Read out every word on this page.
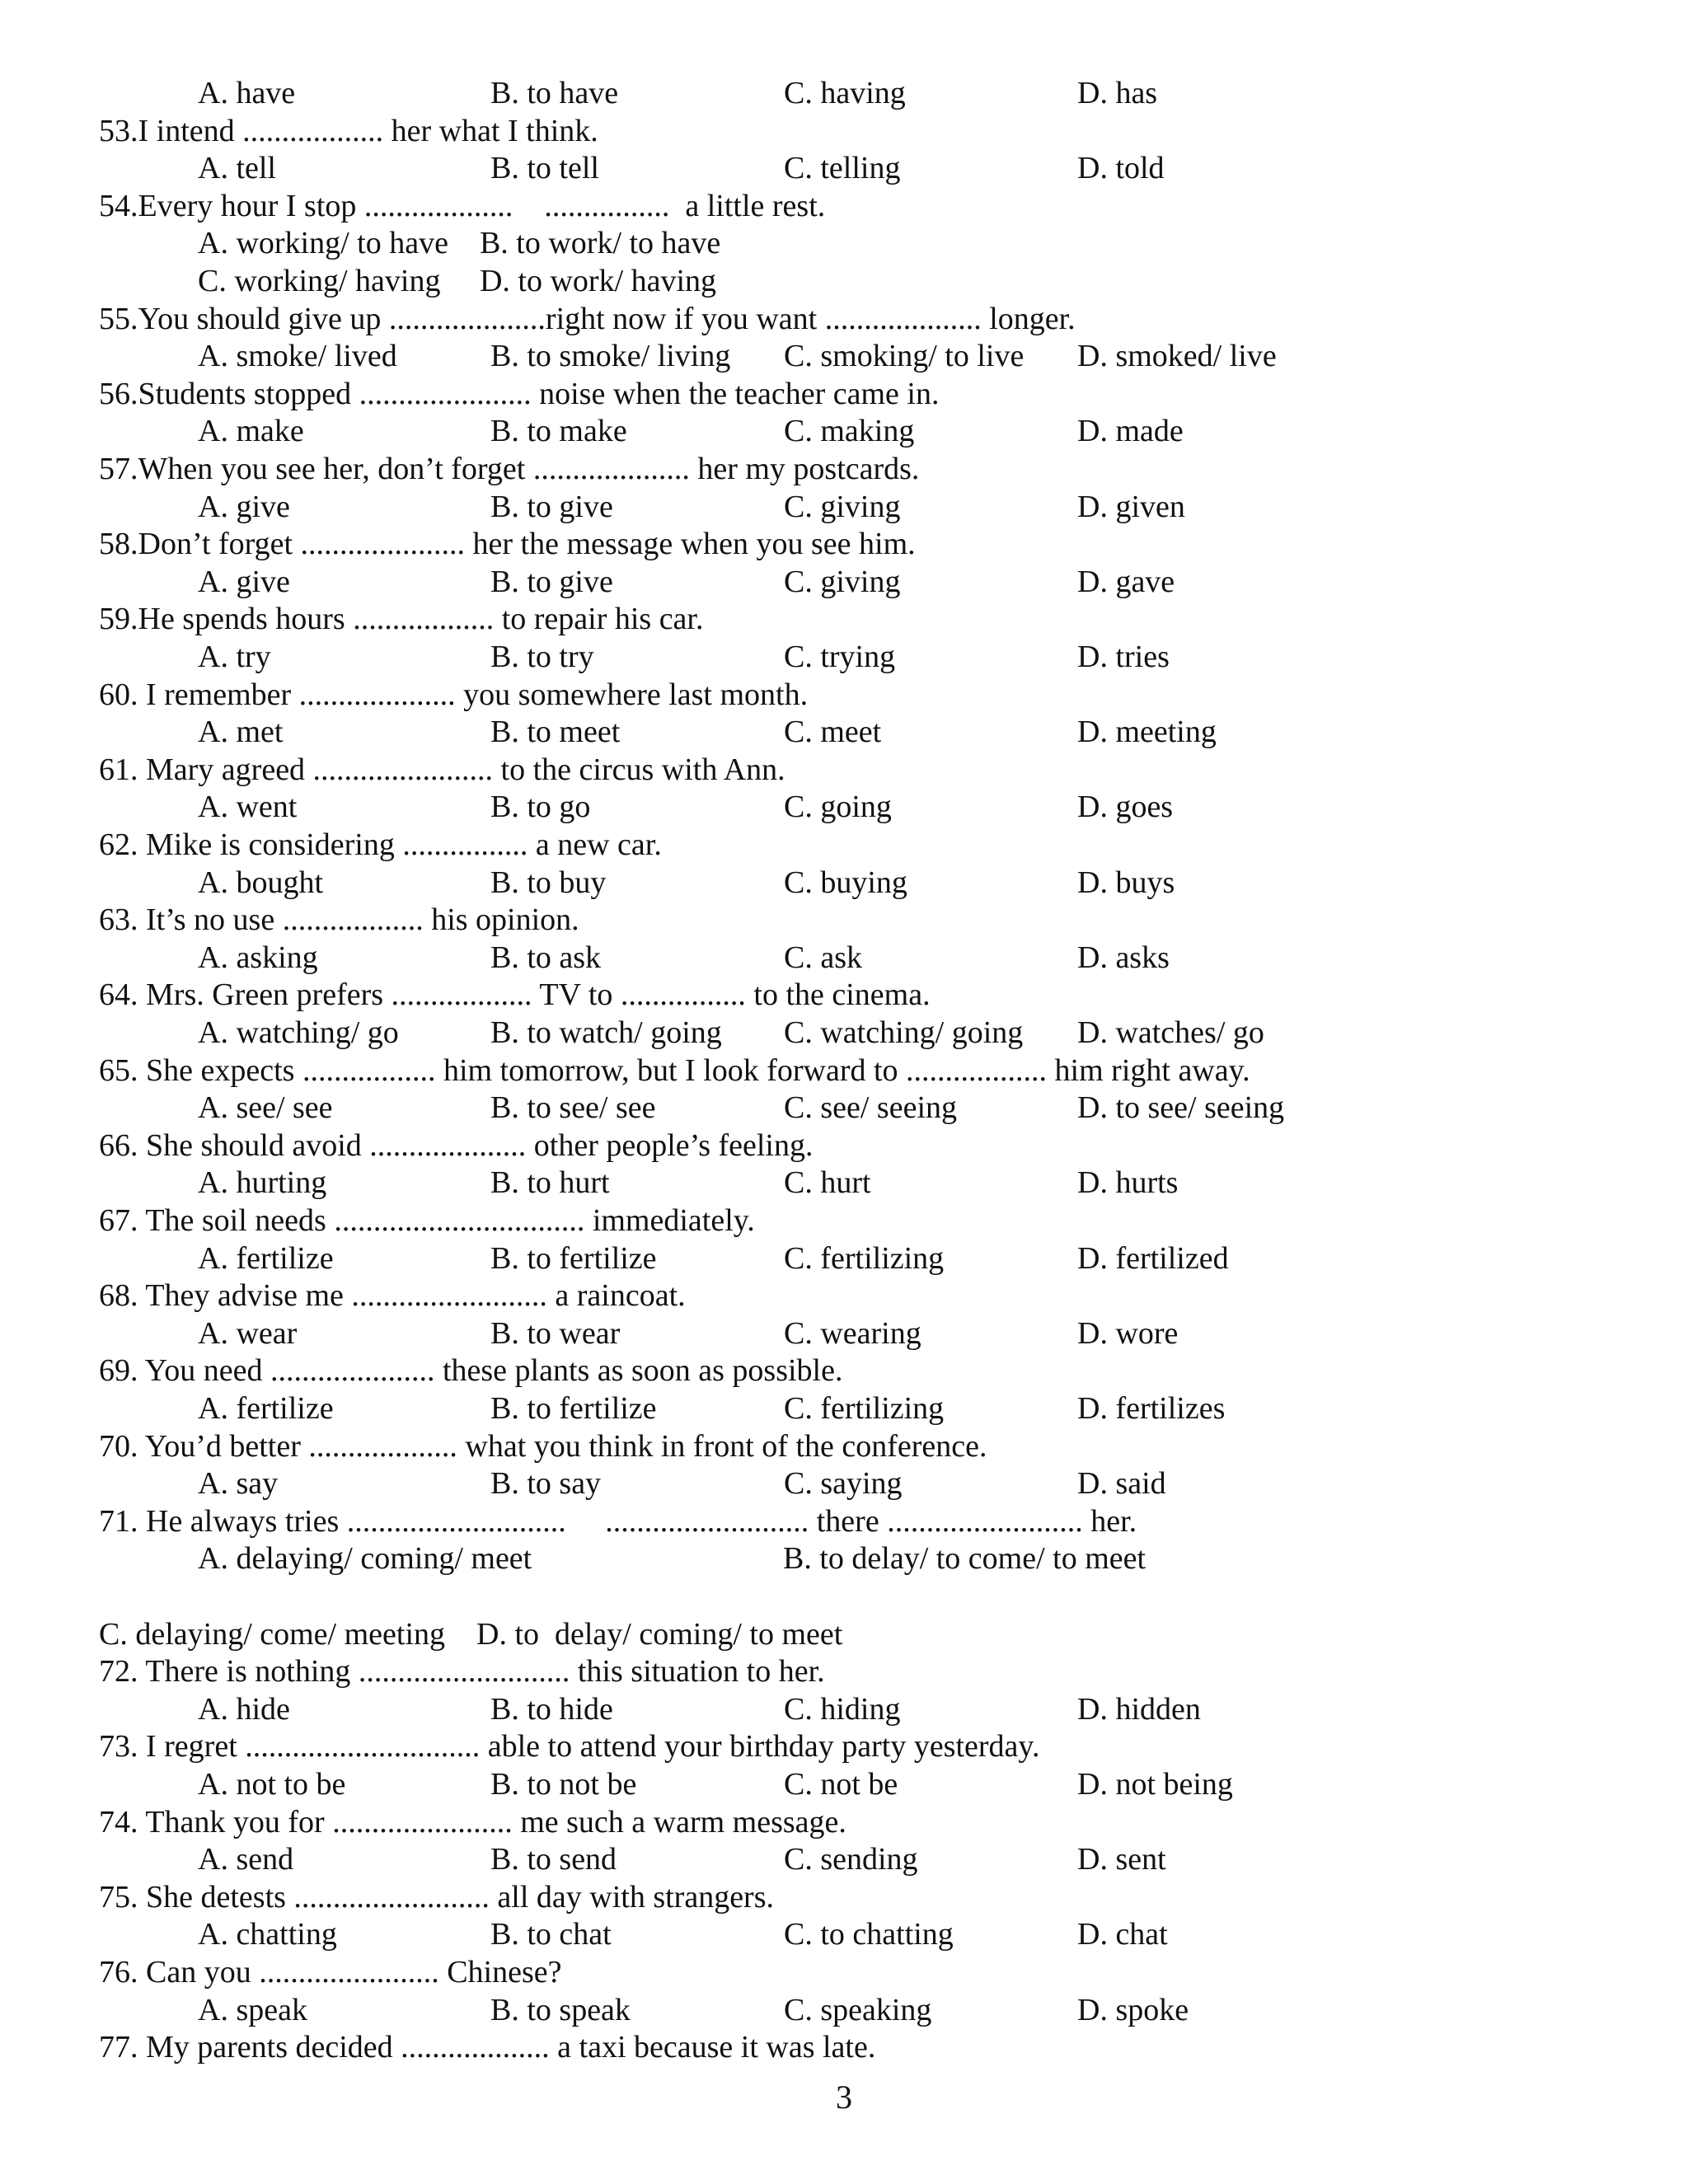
A. have	B. to have	C. having	D. has
53.I intend .................. her what I think.
A. tell	B. to tell	C. telling	D. told
54.Every hour I stop ...................    ................  a little rest.
A. working/ to have    B. to work/ to have
C. working/ having     D. to work/ having
55.You should give up ....................right now if you want .................... longer.
A. smoke/ lived	B. to smoke/ living C. smoking/ to live D. smoked/ live
56.Students stopped ...................... noise when the teacher came in.
A. make	B. to make	C. making	D. made
57.When you see her, don’t forget .................... her my postcards.
A. give	B. to give	C. giving	D. given
58.Don’t forget ..................... her the message when you see him.
A. give	B. to give	C. giving	D. gave
59.He spends hours .................. to repair his car.
A. try	B. to try	C. trying	D. tries
60. I remember .................... you somewhere last month.
A. met	B. to meet	C. meet	D. meeting
61. Mary agreed ....................... to the circus with Ann.
A. went	B. to go	C. going	D. goes
62. Mike is considering ................ a new car.
A. bought	B. to buy	C. buying	D. buys
63. It’s no use .................. his opinion.
A. asking	B. to ask	C. ask	D. asks
64. Mrs. Green prefers .................. TV to ................ to the cinema.
A. watching/ go	B. to watch/ going C. watching/ going D. watches/ go
65. She expects ................. him tomorrow, but I look forward to .................. him right away.
A. see/ see	B. to see/ see	C. see/ seeing	D. to see/ seeing
66. She should avoid .................... other people’s feeling.
A. hurting	B. to hurt	C. hurt	D. hurts
67. The soil needs ................................ immediately.
A. fertilize	B. to fertilize	C. fertilizing	D. fertilized
68. They advise me ......................... a raincoat.
A. wear	B. to wear	C. wearing	D. wore
69. You need ..................... these plants as soon as possible.
A. fertilize	B. to fertilize	C. fertilizing	D. fertilizes
70. You’d better ................... what you think in front of the conference.
A. say	B. to say	C. saying	D. said
71. He always tries ............................     .......................... there ......................... her.
A. delaying/ coming/ meet	B. to delay/ to come/ to meet
C. delaying/ come/ meeting    D. to  delay/ coming/ to meet
72. There is nothing ........................... this situation to her.
A. hide	B. to hide	C. hiding	D. hidden
73. I regret .............................. able to attend your birthday party yesterday.
A. not to be	B. to not be	C. not be	D. not being
74. Thank you for ....................... me such a warm message.
A. send	B. to send	C. sending	D. sent
75. She detests ......................... all day with strangers.
A. chatting	B. to chat	C. to chatting	D. chat
76. Can you ....................... Chinese?
A. speak	B. to speak	C. speaking	D. spoke
77. My parents decided ................... a taxi because it was late.
3
